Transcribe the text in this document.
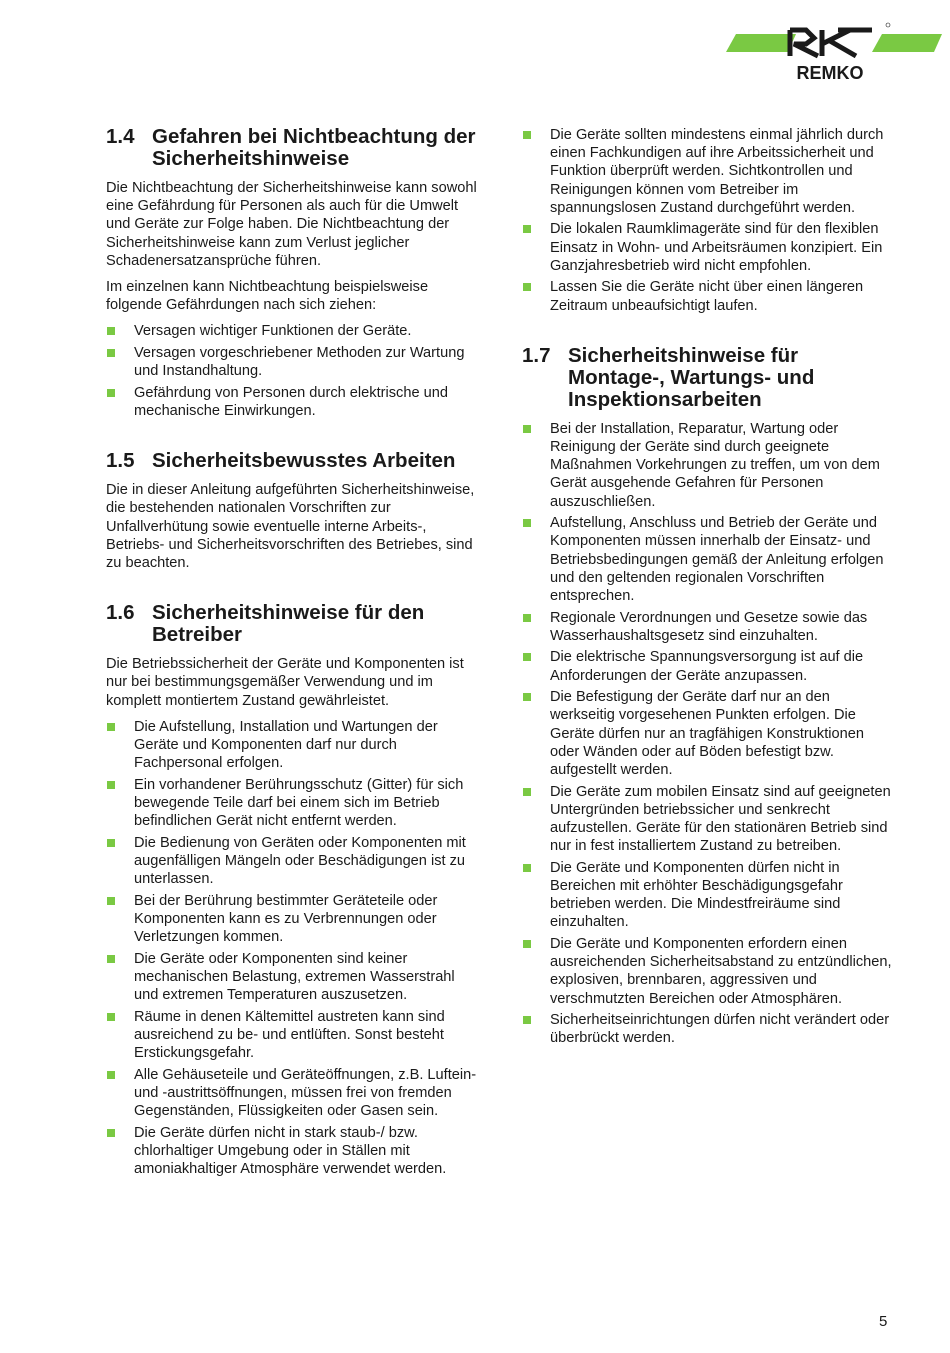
REMKO
1.4 Gefahren bei Nichtbeachtung der Sicherheitshinweise

Die Nichtbeachtung der Sicherheitshinweise kann sowohl eine Gefährdung für Personen als auch für die Umwelt und Geräte zur Folge haben. Die Nichtbeachtung der Sicherheitshinweise kann zum Verlust jeglicher Schadenersatzansprüche führen.

Im einzelnen kann Nichtbeachtung beispielsweise folgende Gefährdungen nach sich ziehen:

Versagen wichtiger Funktionen der Geräte.
Versagen vorgeschriebener Methoden zur Wartung und Instandhaltung.
Gefährdung von Personen durch elektrische und mechanische Einwirkungen.
1.5 Sicherheitsbewusstes Arbeiten

Die in dieser Anleitung aufgeführten Sicherheitshinweise, die bestehenden nationalen Vorschriften zur Unfallverhütung sowie eventuelle interne Arbeits-, Betriebs- und Sicherheitsvorschriften des Betriebes, sind zu beachten.

1.6 Sicherheitshinweise für den Betreiber

Die Betriebssicherheit der Geräte und Komponenten ist nur bei bestimmungsgemäßer Verwendung und im komplett montiertem Zustand gewährleistet.

Die Aufstellung, Installation und Wartungen der Geräte und Komponenten darf nur durch Fachpersonal erfolgen.
Ein vorhandener Berührungsschutz (Gitter) für sich bewegende Teile darf bei einem sich im Betrieb befindlichen Gerät nicht entfernt werden.
Die Bedienung von Geräten oder Komponenten mit augenfälligen Mängeln oder Beschädigungen ist zu unterlassen.
Bei der Berührung bestimmter Geräteteile oder Komponenten kann es zu Verbrennungen oder Verletzungen kommen.
Die Geräte oder Komponenten sind keiner mechanischen Belastung, extremen Wasserstrahl und extremen Temperaturen auszusetzen.
Räume in denen Kältemittel austreten kann sind ausreichend zu be- und entlüften. Sonst besteht Erstickungsgefahr.
Alle Gehäuseteile und Geräteöffnungen, z.B. Luftein- und -austrittsöffnungen, müssen frei von fremden Gegenständen, Flüssigkeiten oder Gasen sein.
Die Geräte dürfen nicht in stark staub-/ bzw. chlorhaltiger Umgebung oder in Ställen mit amoniakhaltiger Atmosphäre verwendet werden.
Die Geräte sollten mindestens einmal jährlich durch einen Fachkundigen auf ihre Arbeitssicherheit und Funktion überprüft werden. Sichtkontrollen und Reinigungen können vom Betreiber im spannungslosen Zustand durchgeführt werden.
Die lokalen Raumklimageräte sind für den flexiblen Einsatz in Wohn- und Arbeitsräumen konzipiert. Ein Ganzjahresbetrieb wird nicht empfohlen.
Lassen Sie die Geräte nicht über einen längeren Zeitraum unbeaufsichtigt laufen.
1.7 Sicherheitshinweise für Montage-, Wartungs- und Inspektionsarbeiten
Bei der Installation, Reparatur, Wartung oder Reinigung der Geräte sind durch geeignete Maßnahmen Vorkehrungen zu treffen, um von dem Gerät ausgehende Gefahren für Personen auszuschließen.
Aufstellung, Anschluss und Betrieb der Geräte und Komponenten müssen innerhalb der Einsatz- und Betriebsbedingungen gemäß der Anleitung erfolgen und den geltenden regionalen Vorschriften entsprechen.
Regionale Verordnungen und Gesetze sowie das Wasserhaushaltsgesetz sind einzuhalten.
Die elektrische Spannungsversorgung ist auf die Anforderungen der Geräte anzupassen.
Die Befestigung der Geräte darf nur an den werkseitig vorgesehenen Punkten erfolgen. Die Geräte dürfen nur an tragfähigen Konstruktionen oder Wänden oder auf Böden befestigt bzw. aufgestellt werden.
Die Geräte zum mobilen Einsatz sind auf geeigneten Untergründen betriebssicher und senkrecht aufzustellen. Geräte für den stationären Betrieb sind nur in fest installiertem Zustand zu betreiben.
Die Geräte und Komponenten dürfen nicht in Bereichen mit erhöhter Beschädigungsgefahr betrieben werden. Die Mindestfreiräume sind einzuhalten.
Die Geräte und Komponenten erfordern einen ausreichenden Sicherheitsabstand zu entzündlichen, explosiven, brennbaren, aggressiven und verschmutzten Bereichen oder Atmosphären.
Sicherheitseinrichtungen dürfen nicht verändert oder überbrückt werden.
5
